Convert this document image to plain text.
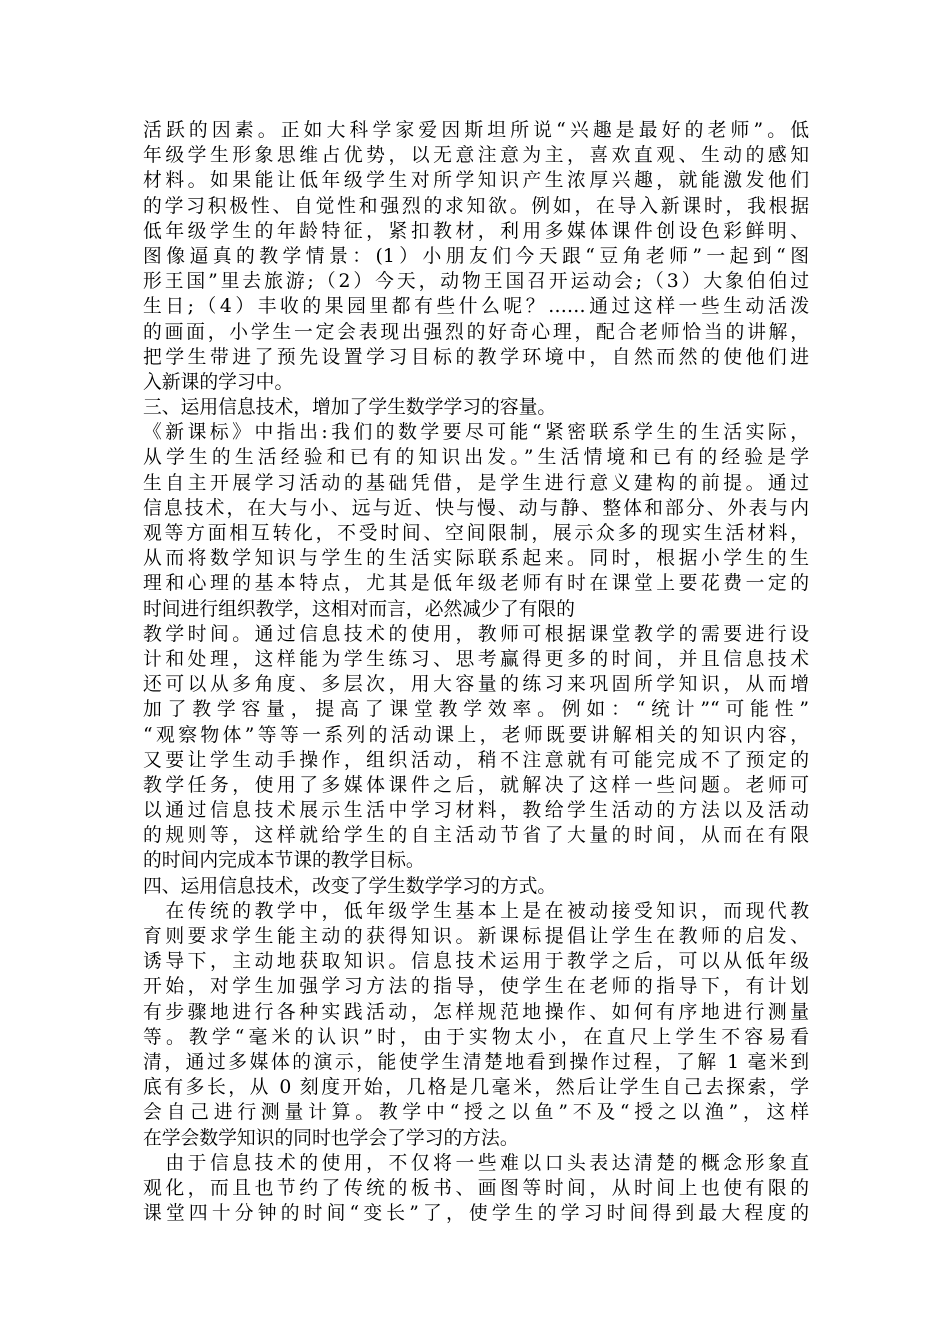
活跃的因素。正如大科学家爱因斯坦所说“兴趣是最好的老师”。低
年级学生形象思维占优势，以无意注意为主，喜欢直观、生动的感知
材料。如果能让低年级学生对所学知识产生浓厚兴趣，就能激发他们
的学习积极性、自觉性和强烈的求知欲。例如，在导入新课时，我根据
低年级学生的年龄特征，紧扣教材，利用多媒体课件创设色彩鲜明、
图像逼真的教学情景：(1）小朋友们今天跟“豆角老师”一起到“图
形王国”里去旅游;（2）今天，动物王国召开运动会;（3）大象伯伯过
生日;（4）丰收的果园里都有些什么呢？……通过这样一些生动活泼
的画面，小学生一定会表现出强烈的好奇心理，配合老师恰当的讲解，
把学生带进了预先设置学习目标的教学环境中，自然而然的使他们进
入新课的学习中。
三、运用信息技术，增加了学生数学学习的容量。
《新课标》中指出:我们的数学要尽可能“紧密联系学生的生活实际，
从学生的生活经验和已有的知识出发。”生活情境和已有的经验是学
生自主开展学习活动的基础凭借，是学生进行意义建构的前提。通过
信息技术，在大与小、远与近、快与慢、动与静、整体和部分、外表与内
观等方面相互转化，不受时间、空间限制，展示众多的现实生活材料，
从而将数学知识与学生的生活实际联系起来。同时，根据小学生的生
理和心理的基本特点，尤其是低年级老师有时在课堂上要花费一定的
时间进行组织教学，这相对而言，必然减少了有限的
教学时间。通过信息技术的使用，教师可根据课堂教学的需要进行设
计和处理，这样能为学生练习、思考赢得更多的时间，并且信息技术
还可以从多角度、多层次，用大容量的练习来巩固所学知识，从而增
加了教学容量，提高了课堂教学效率。例如：“统计”“可能性”
“观察物体”等等一系列的活动课上，老师既要讲解相关的知识内容，
又要让学生动手操作，组织活动，稍不注意就有可能完成不了预定的
教学任务，使用了多媒体课件之后，就解决了这样一些问题。老师可
以通过信息技术展示生活中学习材料，教给学生活动的方法以及活动
的规则等，这样就给学生的自主活动节省了大量的时间，从而在有限
的时间内完成本节课的教学目标。
四、运用信息技术，改变了学生数学学习的方式。
　在传统的教学中，低年级学生基本上是在被动接受知识，而现代教
育则要求学生能主动的获得知识。新课标提倡让学生在教师的启发、
诱导下，主动地获取知识。信息技术运用于教学之后，可以从低年级
开始，对学生加强学习方法的指导，使学生在老师的指导下，有计划
有步骤地进行各种实践活动，怎样规范地操作、如何有序地进行测量
等。教学“毫米的认识”时，由于实物太小，在直尺上学生不容易看
清，通过多媒体的演示，能使学生清楚地看到操作过程，了解 1 毫米到
底有多长，从 0 刻度开始，几格是几毫米，然后让学生自己去探索，学
会自己进行测量计算。教学中“授之以鱼”不及“授之以渔”，这样
在学会数学知识的同时也学会了学习的方法。
　由于信息技术的使用，不仅将一些难以口头表达清楚的概念形象直
观化，而且也节约了传统的板书、画图等时间，从时间上也使有限的
课堂四十分钟的时间“变长”了，使学生的学习时间得到最大程度的
